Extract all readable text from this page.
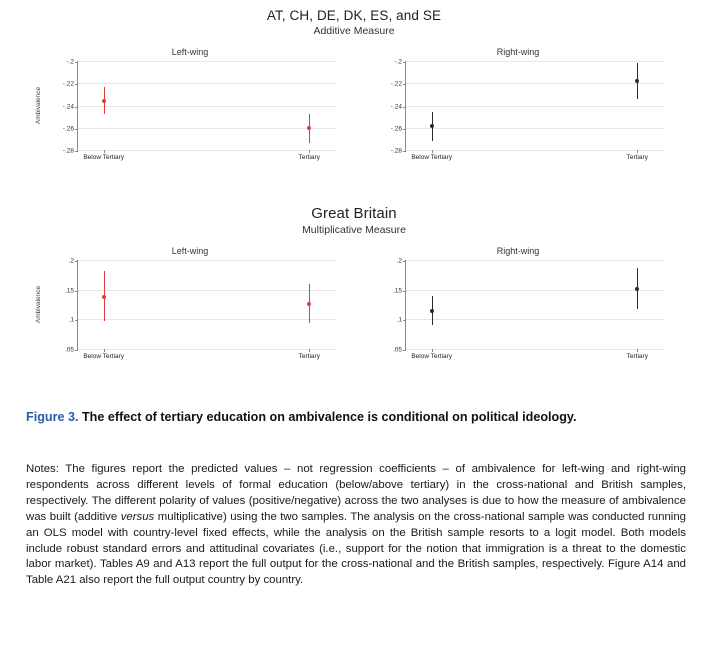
AT, CH, DE, DK, ES, and SE
Additive Measure
Left-wing
Ambivalence
-.2
-.22
-.24
-.26
-.28
Below Tertiary	Tertiary
Right-wing
-.2
-.22
-.24
-.26
-.28
Below Tertiary	Tertiary
Great Britain
Multiplicative Measure
Left-wing
Ambivalence
.2
.15
.1
.05
Below Tertiary	Tertiary
Right-wing
.2
.15
.1
.05
Below Tertiary	Tertiary
Figure 3. The effect of tertiary education on ambivalence is conditional on political ideology.
Notes: The figures report the predicted values – not regression coefficients – of ambivalence for left-wing and right-wing respondents across different levels of formal education (below/above tertiary) in the cross-national and British samples, respectively. The different polarity of values (positive/negative) across the two analyses is due to how the measure of ambivalence was built (additive versus multiplicative) using the two samples. The analysis on the cross-national sample was conducted running an OLS model with country-level fixed effects, while the analysis on the British sample resorts to a logit model. Both models include robust standard errors and attitudinal covariates (i.e., support for the notion that immigration is a threat to the domestic labor market). Tables A9 and A13 report the full output for the cross-national and the British samples, respectively. Figure A14 and Table A21 also report the full output country by country.
